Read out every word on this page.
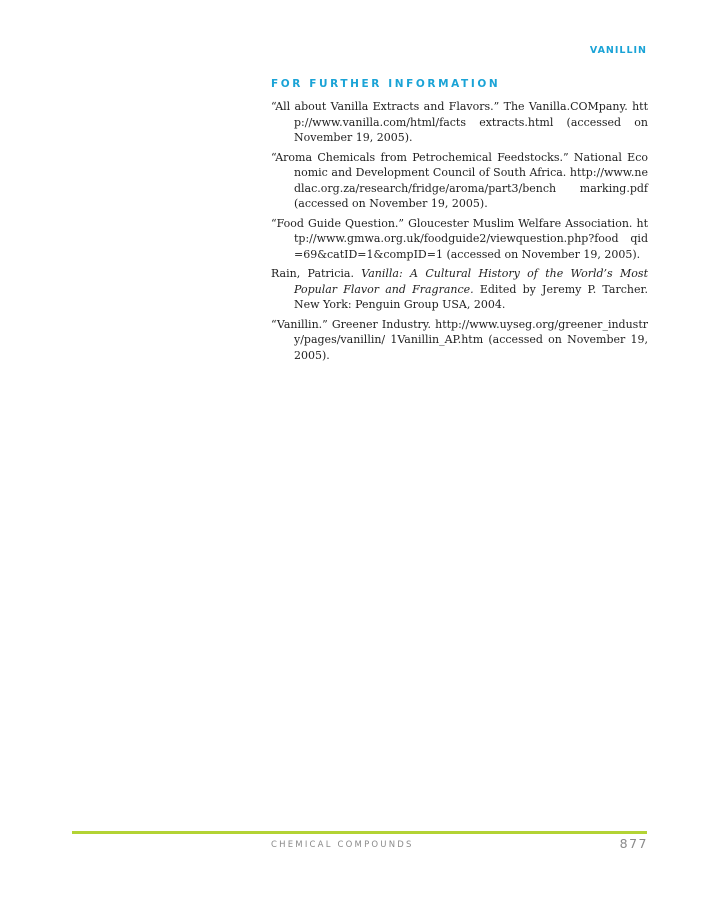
VANILLIN
FOR FURTHER INFORMATION
“All about Vanilla Extracts and Flavors.” The Vanilla.COMpany. http://www.vanilla.com/html/facts extracts.html (accessed on November 19, 2005).
“Aroma Chemicals from Petrochemical Feedstocks.” National Eco nomic and Development Council of South Africa. http://www.nedlac.org.za/research/fridge/aroma/part3/bench marking.pdf (accessed on November 19, 2005).
“Food Guide Question.” Gloucester Muslim Welfare Association. http://www.gmwa.org.uk/foodguide2/viewquestion.php?food qid=69&catID=1&compID=1 (accessed on November 19, 2005).
Rain, Patricia. Vanilla: A Cultural History of the World’s Most Popular Flavor and Fragrance. Edited by Jeremy P. Tarcher. New York: Penguin Group USA, 2004.
“Vanillin.” Greener Industry. http://www.uyseg.org/greener_industry/pages/vanillin/ 1Vanillin_AP.htm (accessed on November 19, 2005).
CHEMICAL COMPOUNDS	877
